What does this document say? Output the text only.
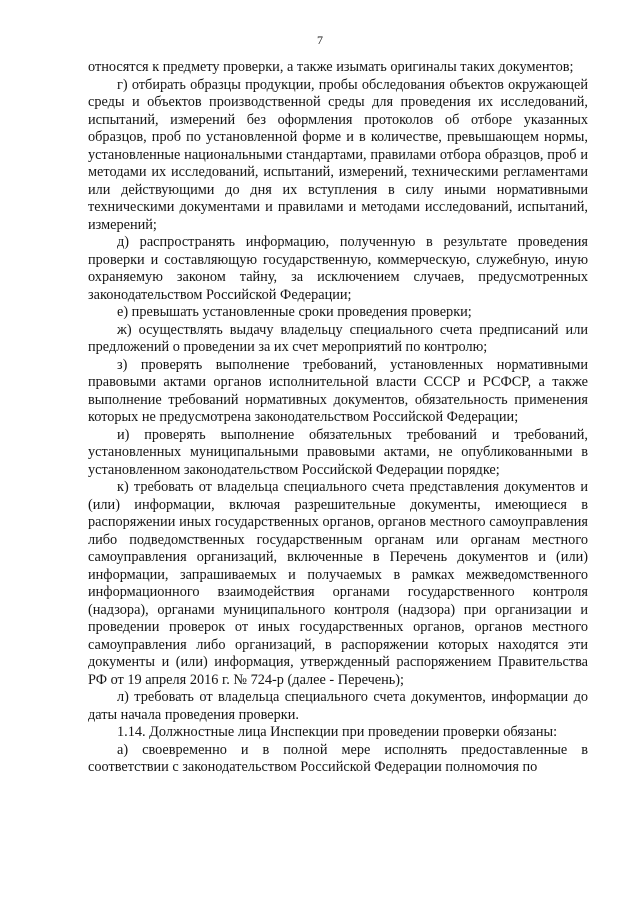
7

относятся к предмету проверки, а также изымать оригиналы таких документов;

г) отбирать образцы продукции, пробы обследования объектов окружающей среды и объектов производственной среды для проведения их исследований, испытаний, измерений без оформления протоколов об отборе указанных образцов, проб по установленной форме и в количестве, превышающем нормы, установленные национальными стандартами, правилами отбора образцов, проб и методами их исследований, испытаний, измерений, техническими регламентами или действующими до дня их вступления в силу иными нормативными техническими документами и правилами и методами исследований, испытаний, измерений;

д) распространять информацию, полученную в результате проведения проверки и составляющую государственную, коммерческую, служебную, иную охраняемую законом тайну, за исключением случаев, предусмотренных законодательством Российской Федерации;

е) превышать установленные сроки проведения проверки;

ж) осуществлять выдачу владельцу специального счета предписаний или предложений о проведении за их счет мероприятий по контролю;

з) проверять выполнение требований, установленных нормативными правовыми актами органов исполнительной власти СССР и РСФСР, а также выполнение требований нормативных документов, обязательность применения которых не предусмотрена законодательством Российской Федерации;

и) проверять выполнение обязательных требований и требований, установленных муниципальными правовыми актами, не опубликованными в установленном законодательством Российской Федерации порядке;

к) требовать от владельца специального счета представления документов и (или) информации, включая разрешительные документы, имеющиеся в распоряжении иных государственных органов, органов местного самоуправления либо подведомственных государственным органам или органам местного самоуправления организаций, включенные в Перечень документов и (или) информации, запрашиваемых и получаемых в рамках межведомственного информационного взаимодействия органами государственного контроля (надзора), органами муниципального контроля (надзора) при организации и проведении проверок от иных государственных органов, органов местного самоуправления либо организаций, в распоряжении которых находятся эти документы и (или) информация, утвержденный распоряжением Правительства РФ от 19 апреля 2016 г. № 724-р (далее - Перечень);

л) требовать от владельца специального счета документов, информации до даты начала проведения проверки.

1.14. Должностные лица Инспекции при проведении проверки обязаны:

а) своевременно и в полной мере исполнять предоставленные в соответствии с законодательством Российской Федерации полномочия по
